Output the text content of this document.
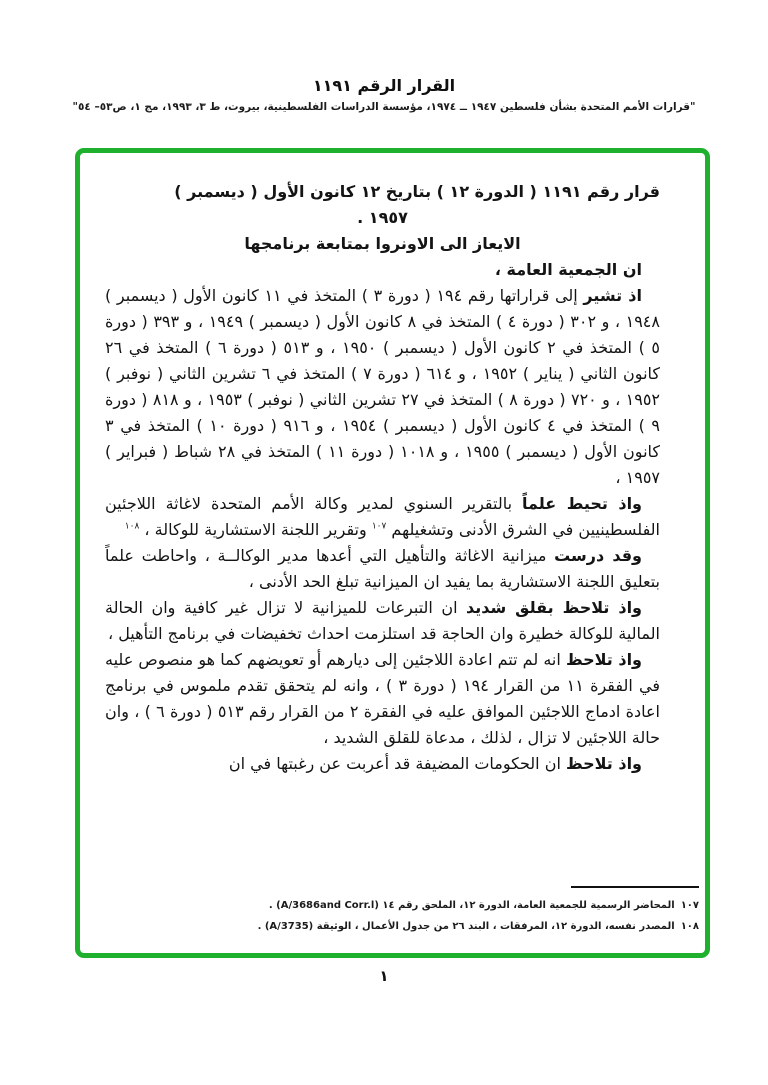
القرار الرقم ١١٩١
"قرارات الأمم المتحدة بشأن فلسطين ١٩٤٧ ــ ١٩٧٤، مؤسسة الدراسات الفلسطينية، بيروت، ط ٣، ١٩٩٣، مج ١، ص٥٣– ٥٤"

قرار رقم ١١٩١ ( الدورة ١٢ ) بتاريخ ١٢ كانون الأول ( ديسمبر )

١٩٥٧ .

الايعاز الى الاونروا بمتابعة برنامجها

ان الجمعية العامة ،

اذ تشير إلى قراراتها رقم ١٩٤ ( دورة ٣ ) المتخذ في ١١ كانون الأول ( ديسمبر ) ١٩٤٨ ، و ٣٠٢ ( دورة ٤ ) المتخذ في ٨ كانون الأول ( ديسمبر ) ١٩٤٩ ، و ٣٩٣ ( دورة ٥ ) المتخذ في ٢ كانون الأول ( ديسمبر ) ١٩٥٠ ، و ٥١٣ ( دورة ٦ ) المتخذ في ٢٦ كانون الثاني ( يناير ) ١٩٥٢ ، و ٦١٤ ( دورة ٧ ) المتخذ في ٦ تشرين الثاني ( نوفبر ) ١٩٥٢ ، و ٧٢٠ ( دورة ٨ ) المتخذ في ٢٧ تشرين الثاني ( نوفبر ) ١٩٥٣ ، و ٨١٨ ( دورة ٩ ) المتخذ في ٤ كانون الأول ( ديسمبر ) ١٩٥٤ ، و ٩١٦ ( دورة ١٠ ) المتخذ في ٣ كانون الأول ( ديسمبر ) ١٩٥٥ ، و ١٠١٨ ( دورة ١١ ) المتخذ في ٢٨ شباط ( فبراير ) ١٩٥٧ ،

واذ تحيط علماً بالتقرير السنوي لمدير وكالة الأمم المتحدة لاغاثة اللاجئين الفلسطينيين في الشرق الأدنى وتشغيلهم $^{١٠٧}$ وتقرير اللجنة الاستشارية للوكالة ، $^{١٠٨}$

وقد درست ميزانية الاغاثة والتأهيل التي أعدها مدير الوكالــة ، واحاطت علماً بتعليق اللجنة الاستشارية بما يفيد ان الميزانية تبلغ الحد الأدنى ،

واذ تلاحظ بقلق شديد ان التبرعات للميزانية لا تزال غير كافية وان الحالة المالية للوكالة خطيرة وان الحاجة قد استلزمت احداث تخفيضات في برنامج التأهيل ،

واذ تلاحظ انه لم تتم اعادة اللاجئين إلى ديارهم أو تعويضهم كما هو منصوص عليه في الفقرة ١١ من القرار ١٩٤ ( دورة ٣ ) ، وانه لم يتحقق تقدم ملموس في برنامج اعادة ادماج اللاجئين الموافق عليه في الفقرة ٢ من القرار رقم ٥١٣ ( دورة ٦ ) ، وان حالة اللاجئين لا تزال ، لذلك ، مدعاة للقلق الشديد ،

واذ تلاحظ ان الحكومات المضيفة قد أعربت عن رغبتها في ان

١٠٧المحاضر الرسمية للجمعية العامة، الدورة ١٢، الملحق رقم ١٤ (A/3686and Corr.l) .
١٠٨المصدر نفسه، الدورة ١٢، المرفقات ، البند ٢٦ من جدول الأعمال ، الوثيقة (A/3735) .
١
